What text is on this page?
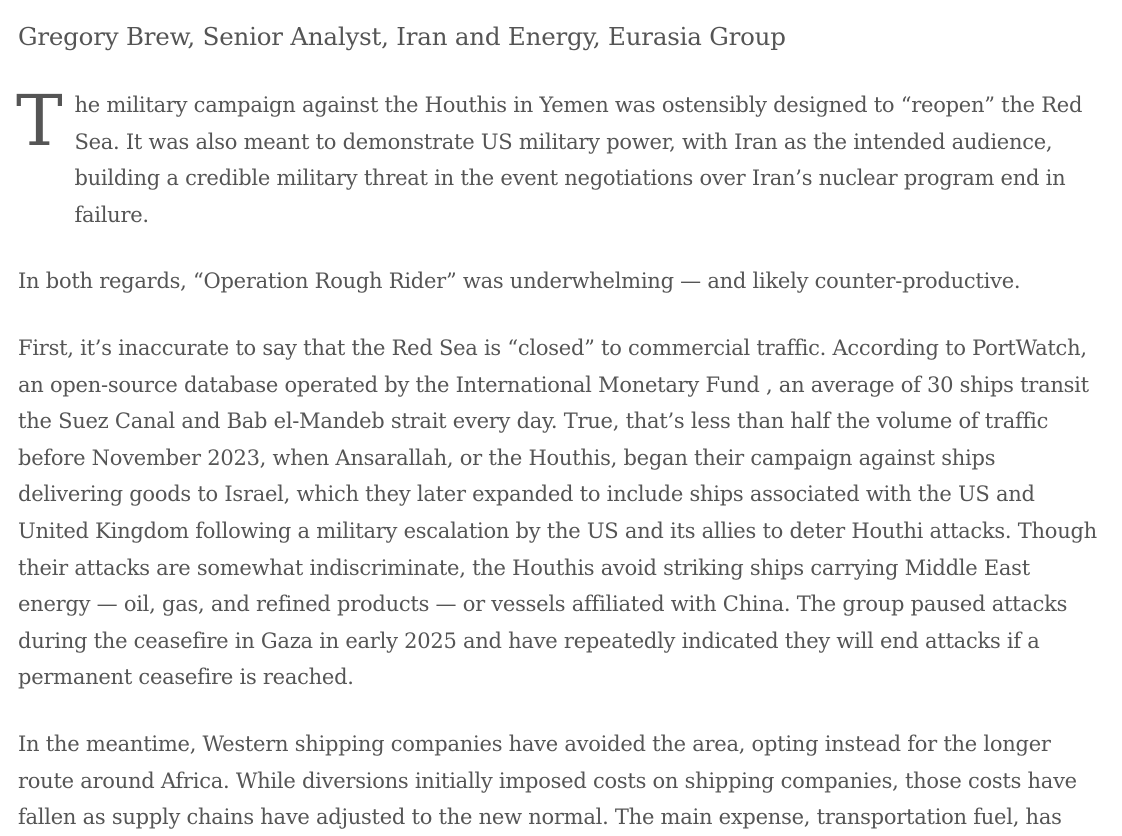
Gregory Brew, Senior Analyst, Iran and Energy, Eurasia Group

The military campaign against the Houthis in Yemen was ostensibly designed to “reopen” the Red Sea. It was also meant to demonstrate US military power, with Iran as the intended audience, building a credible military threat in the event negotiations over Iran’s nuclear program end in failure.

In both regards, “Operation Rough Rider” was underwhelming — and likely counter-productive.

First, it’s inaccurate to say that the Red Sea is “closed” to commercial traffic. According to PortWatch, an open-source database operated by the International Monetary Fund , an average of 30 ships transit the Suez Canal and Bab el-Mandeb strait every day. True, that’s less than half the volume of traffic before November 2023, when Ansarallah, or the Houthis, began their campaign against ships delivering goods to Israel, which they later expanded to include ships associated with the US and United Kingdom following a military escalation by the US and its allies to deter Houthi attacks. Though their attacks are somewhat indiscriminate, the Houthis avoid striking ships carrying Middle East energy — oil, gas, and refined products — or vessels affiliated with China. The group paused attacks during the ceasefire in Gaza in early 2025 and have repeatedly indicated they will end attacks if a permanent ceasefire is reached.

In the meantime, Western shipping companies have avoided the area, opting instead for the longer route around Africa. While diversions initially imposed costs on shipping companies, those costs have fallen as supply chains have adjusted to the new normal. The main expense, transportation fuel, has
